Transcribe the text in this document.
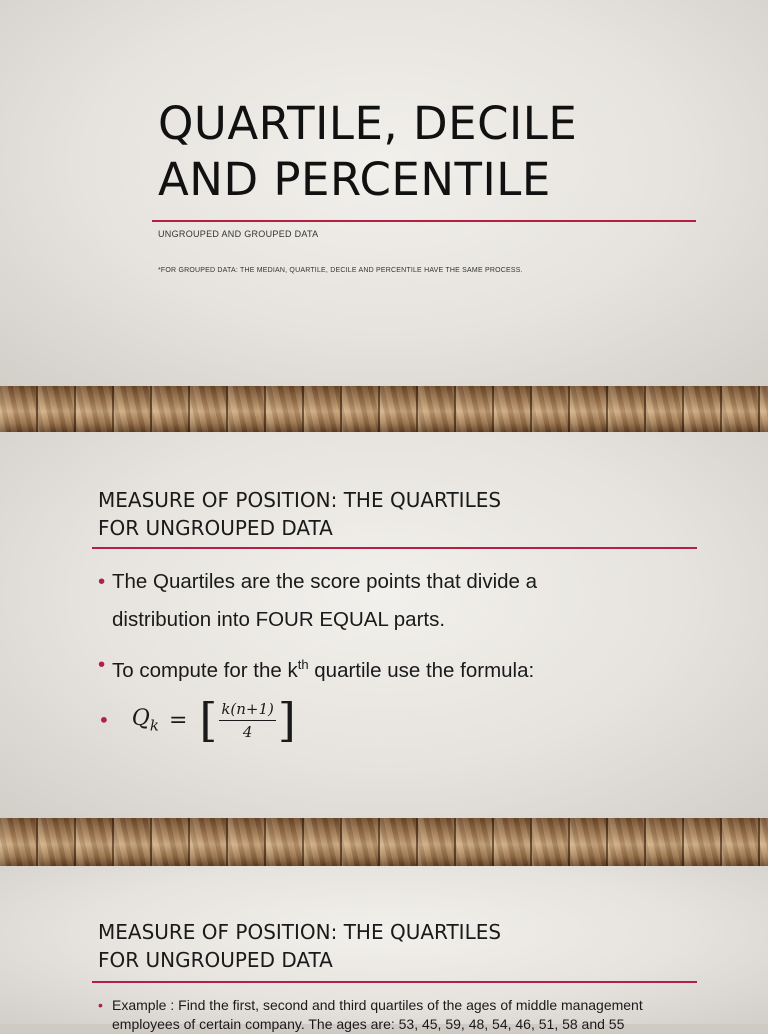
QUARTILE, DECILE
AND PERCENTILE
UNGROUPED AND GROUPED DATA
*FOR GROUPED DATA: THE MEDIAN, QUARTILE, DECILE AND PERCENTILE HAVE THE SAME PROCESS.
MEASURE OF POSITION: THE QUARTILES
FOR UNGROUPED DATA
• The Quartiles are the score points that divide a distribution into FOUR EQUAL parts.
• To compute for the $k^{th}$ quartile use the formula:
• $Q_k$ = [ $\frac{k(n+1)}{4}$ ]
MEASURE OF POSITION: THE QUARTILES
FOR UNGROUPED DATA
• Example : Find the first, second and third quartiles of the ages of middle management employees of certain company. The ages are: 53, 45, 59, 48, 54, 46, 51, 58 and 55
